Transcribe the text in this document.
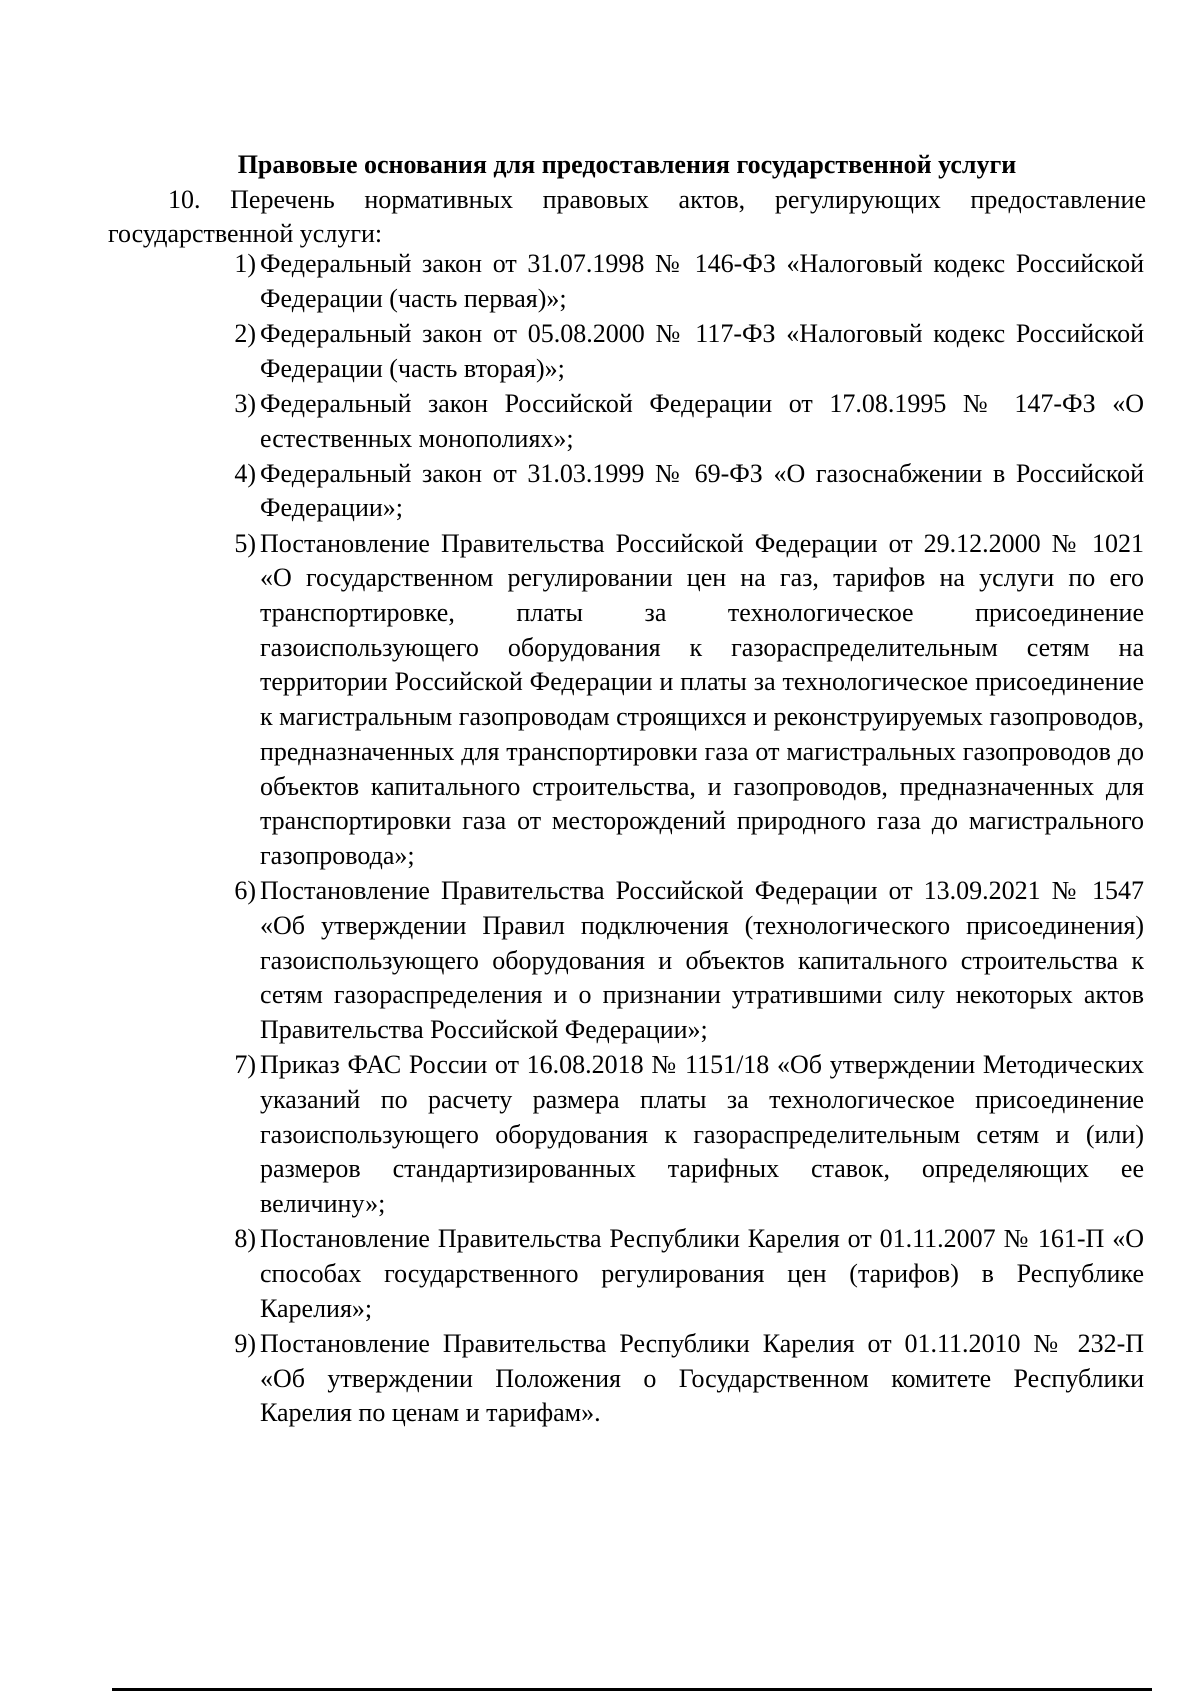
Правовые основания для предоставления государственной услуги

10. Перечень нормативных правовых актов, регулирующих предоставление государственной услуги:

1) Федеральный закон от 31.07.1998 № 146-ФЗ «Налоговый кодекс Российской Федерации (часть первая)»;
2) Федеральный закон от 05.08.2000 № 117-ФЗ «Налоговый кодекс Российской Федерации (часть вторая)»;
3) Федеральный закон Российской Федерации от 17.08.1995 № 147-ФЗ «О естественных монополиях»;
4) Федеральный закон от 31.03.1999 № 69-ФЗ «О газоснабжении в Российской Федерации»;
5) Постановление Правительства Российской Федерации от 29.12.2000 № 1021 «О государственном регулировании цен на газ, тарифов на услуги по его транспортировке, платы за технологическое присоединение газоиспользующего оборудования к газораспределительным сетям на территории Российской Федерации и платы за технологическое присоединение к магистральным газопроводам строящихся и реконструируемых газопроводов, предназначенных для транспортировки газа от магистральных газопроводов до объектов капитального строительства, и газопроводов, предназначенных для транспортировки газа от месторождений природного газа до магистрального газопровода»;
6) Постановление Правительства Российской Федерации от 13.09.2021 № 1547 «Об утверждении Правил подключения (технологического присоединения) газоиспользующего оборудования и объектов капитального строительства к сетям газораспределения и о признании утратившими силу некоторых актов Правительства Российской Федерации»;
7) Приказ ФАС России от 16.08.2018 № 1151/18 «Об утверждении Методических указаний по расчету размера платы за технологическое присоединение газоиспользующего оборудования к газораспределительным сетям и (или) размеров стандартизированных тарифных ставок, определяющих ее величину»;
8) Постановление Правительства Республики Карелия от 01.11.2007 № 161-П «О способах государственного регулирования цен (тарифов) в Республике Карелия»;
9) Постановление Правительства Республики Карелия от 01.11.2010 № 232-П «Об утверждении Положения о Государственном комитете Республики Карелия по ценам и тарифам».
